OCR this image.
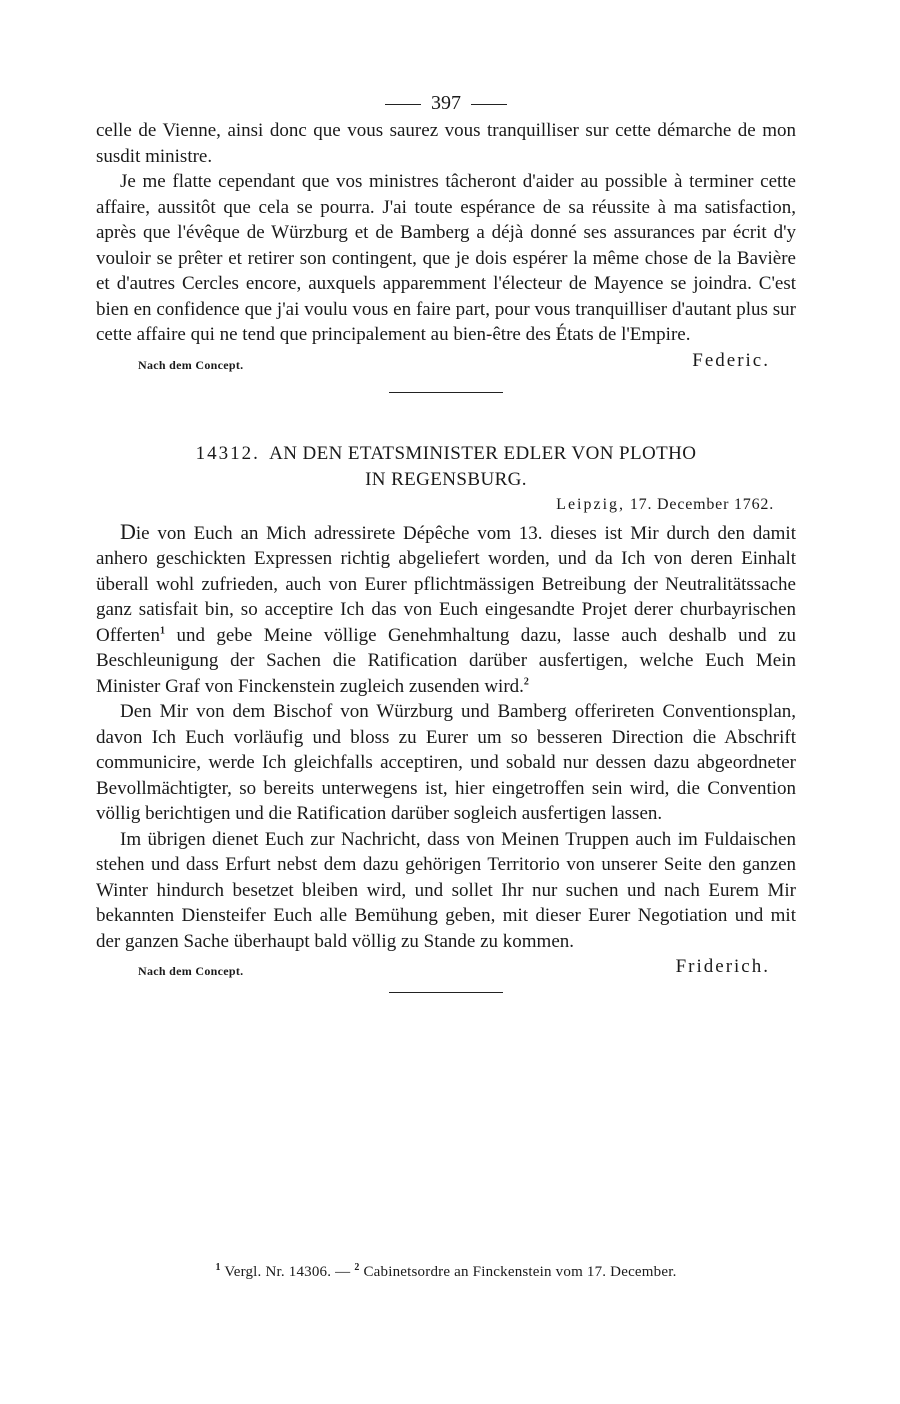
397

celle de Vienne, ainsi donc que vous saurez vous tranquilliser sur cette démarche de mon susdit ministre.

Je me flatte cependant que vos ministres tâcheront d'aider au possible à terminer cette affaire, aussitôt que cela se pourra. J'ai toute espérance de sa réussite à ma satisfaction, après que l'évêque de Würzburg et de Bamberg a déjà donné ses assurances par écrit d'y vouloir se prêter et retirer son contingent, que je dois espérer la même chose de la Bavière et d'autres Cercles encore, auxquels apparemment l'électeur de Mayence se joindra. C'est bien en confidence que j'ai voulu vous en faire part, pour vous tranquilliser d'autant plus sur cette affaire qui ne tend que principalement au bien-être des États de l'Empire.

Nach dem Concept.	Federic.
14312. AN DEN ETATSMINISTER EDLER VON PLOTHO
IN REGENSBURG.
Leipzig, 17. December 1762.

Die von Euch an Mich adressirete Dépêche vom 13. dieses ist Mir durch den damit anhero geschickten Expressen richtig abgeliefert worden, und da Ich von deren Einhalt überall wohl zufrieden, auch von Eurer pflichtmässigen Betreibung der Neutralitätssache ganz satisfait bin, so acceptire Ich das von Euch eingesandte Projet derer churbayrischen Offerten$^1$ und gebe Meine völlige Genehmhaltung dazu, lasse auch deshalb und zu Beschleunigung der Sachen die Ratification darüber ausfertigen, welche Euch Mein Minister Graf von Finckenstein zugleich zusenden wird.$^2$

Den Mir von dem Bischof von Würzburg und Bamberg offerireten Conventionsplan, davon Ich Euch vorläufig und bloss zu Eurer um so besseren Direction die Abschrift communicire, werde Ich gleichfalls acceptiren, und sobald nur dessen dazu abgeordneter Bevollmächtigter, so bereits unterwegens ist, hier eingetroffen sein wird, die Convention völlig berichtigen und die Ratification darüber sogleich ausfertigen lassen.

Im übrigen dienet Euch zur Nachricht, dass von Meinen Truppen auch im Fuldaischen stehen und dass Erfurt nebst dem dazu gehörigen Territorio von unserer Seite den ganzen Winter hindurch besetzet bleiben wird, und sollet Ihr nur suchen und nach Eurem Mir bekannten Diensteifer Euch alle Bemühung geben, mit dieser Eurer Negotiation und mit der ganzen Sache überhaupt bald völlig zu Stande zu kommen.

Nach dem Concept.	Friderich.
$^1$ Vergl. Nr. 14306. — $^2$ Cabinetsordre an Finckenstein vom 17. December.
